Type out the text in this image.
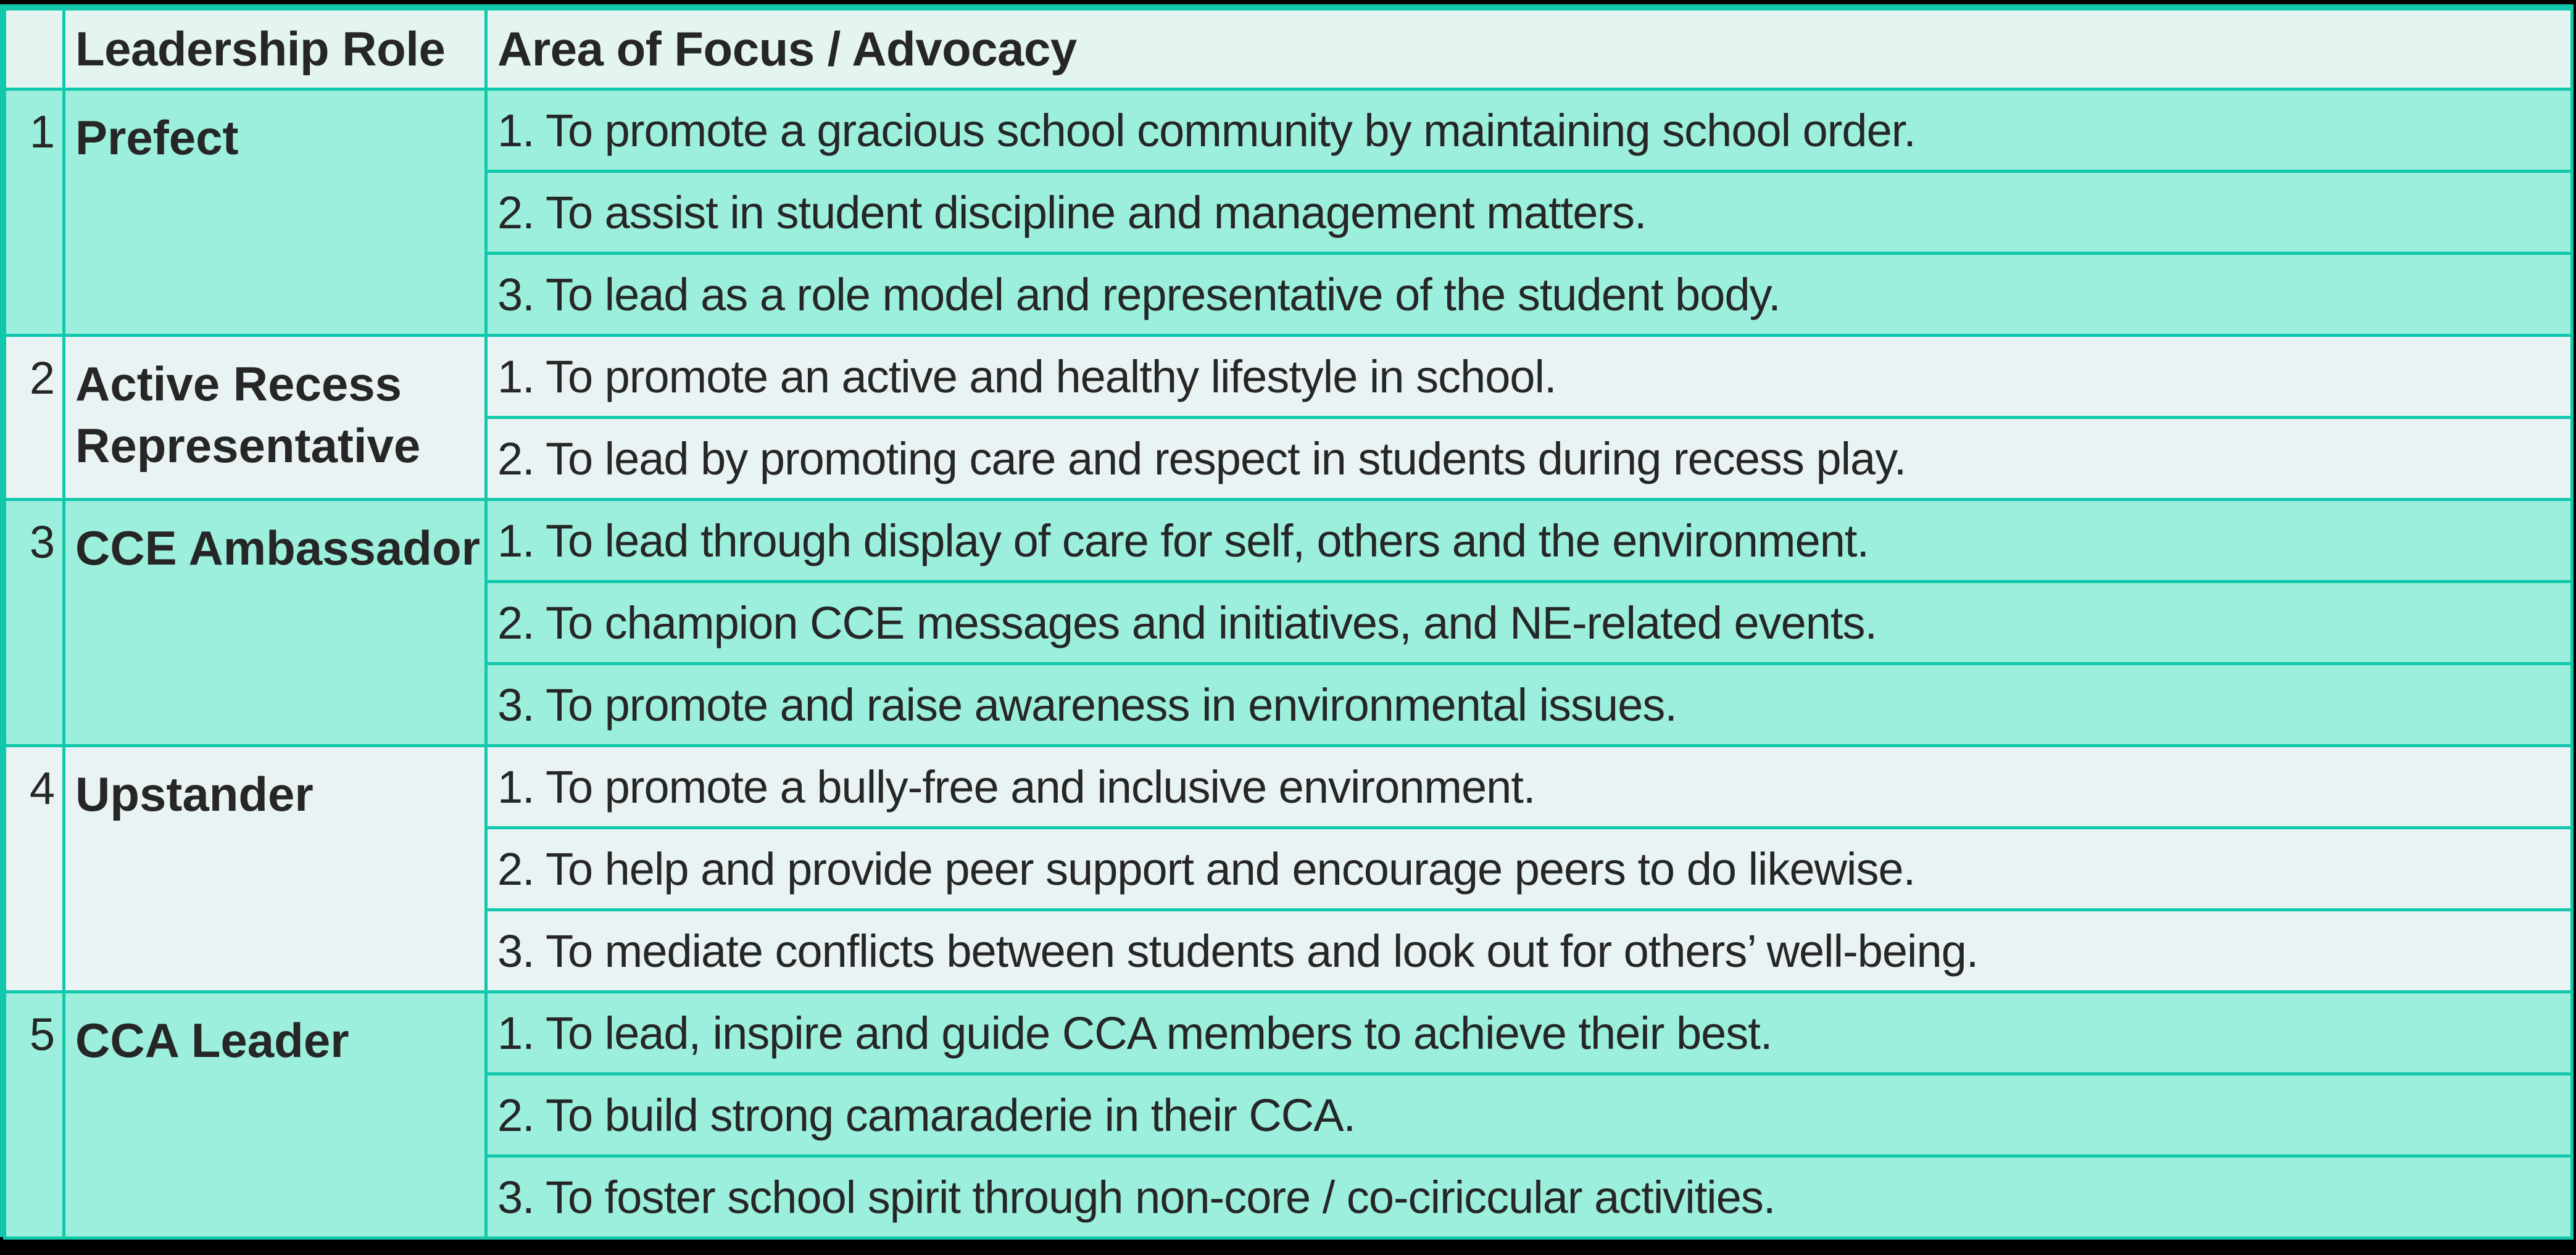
	Leadership Role	Area of Focus / Advocacy
1	Prefect	1. To promote a gracious school community by maintaining school order.
		2. To assist in student discipline and management matters.
		3. To lead as a role model and representative of the student body.
2	Active Recess Representative	1. To promote an active and healthy lifestyle in school.
		2. To lead by promoting care and respect in students during recess play.
3	CCE Ambassador	1. To lead through display of care for self, others and the environment.
		2. To champion CCE messages and initiatives, and NE-related events.
		3. To promote and raise awareness in environmental issues.
4	Upstander	1. To promote a bully-free and inclusive environment.
		2. To help and provide peer support and encourage peers to do likewise.
		3. To mediate conflicts between students and look out for others’ well-being.
5	CCA Leader	1. To lead, inspire and guide CCA members to achieve their best.
		2. To build strong camaraderie in their CCA.
		3. To foster school spirit through non-core / co-ciriccular activities.
